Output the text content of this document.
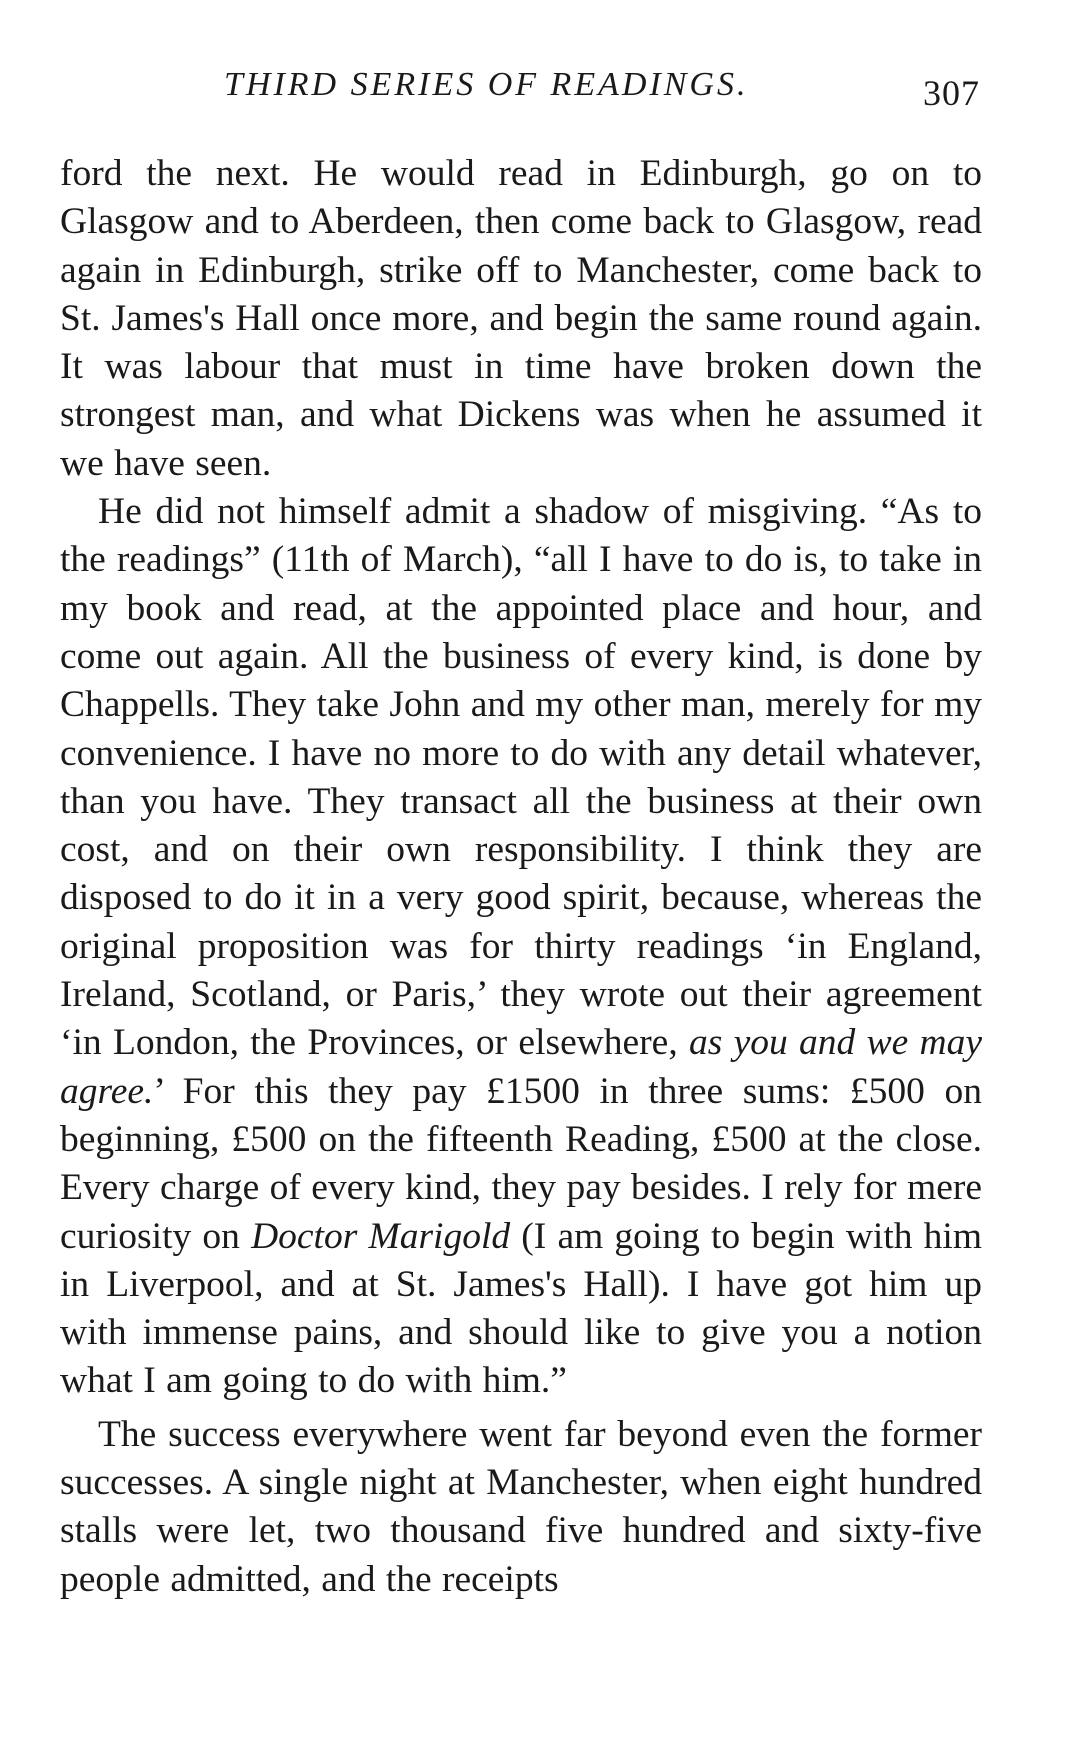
THIRD SERIES OF READINGS.	307

ford the next. He would read in Edinburgh, go on to Glasgow and to Aberdeen, then come back to Glasgow, read again in Edinburgh, strike off to Manchester, come back to St. James's Hall once more, and begin the same round again. It was labour that must in time have broken down the strongest man, and what Dickens was when he assumed it we have seen.

He did not himself admit a shadow of misgiving. “As to the readings” (11th of March), “all I have to do is, to take in my book and read, at the appointed place and hour, and come out again. All the business of every kind, is done by Chappells. They take John and my other man, merely for my convenience. I have no more to do with any detail whatever, than you have. They transact all the business at their own cost, and on their own responsibility. I think they are disposed to do it in a very good spirit, because, whereas the original proposition was for thirty readings ‘in England, Ireland, Scotland, or Paris,’ they wrote out their agreement ‘in London, the Provinces, or elsewhere, as you and we may agree.’ For this they pay £1500 in three sums: £500 on beginning, £500 on the fifteenth Reading, £500 at the close. Every charge of every kind, they pay besides. I rely for mere curiosity on Doctor Marigold (I am going to begin with him in Liverpool, and at St. James's Hall). I have got him up with immense pains, and should like to give you a notion what I am going to do with him.”

The success everywhere went far beyond even the former successes. A single night at Manchester, when eight hundred stalls were let, two thousand five hundred and sixty-five people admitted, and the receipts
